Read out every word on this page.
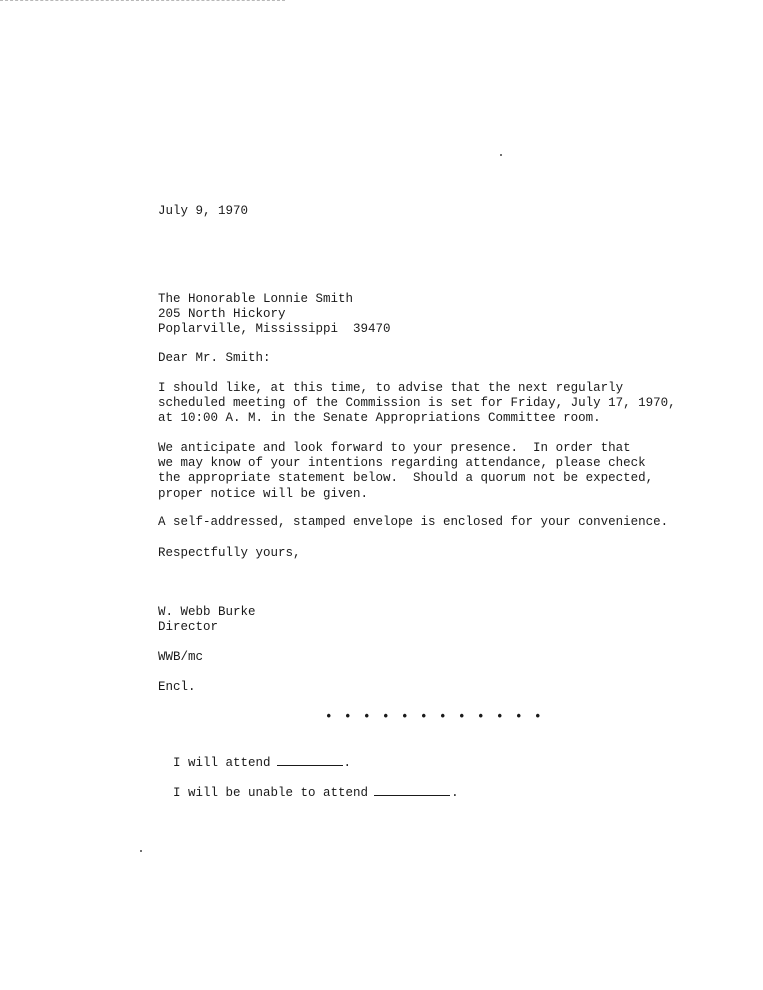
July 9, 1970
The Honorable Lonnie Smith
205 North Hickory
Poplarville, Mississippi  39470
Dear Mr. Smith:
I should like, at this time, to advise that the next regularly
scheduled meeting of the Commission is set for Friday, July 17, 1970,
at 10:00 A. M. in the Senate Appropriations Committee room.
We anticipate and look forward to your presence.  In order that
we may know of your intentions regarding attendance, please check
the appropriate statement below.  Should a quorum not be expected,
proper notice will be given.
A self-addressed, stamped envelope is enclosed for your convenience.
Respectfully yours,
W. Webb Burke
Director
WWB/mc
Encl.
• • • • • • • • • • • •

I will attend	.

I will be unable to attend	.
